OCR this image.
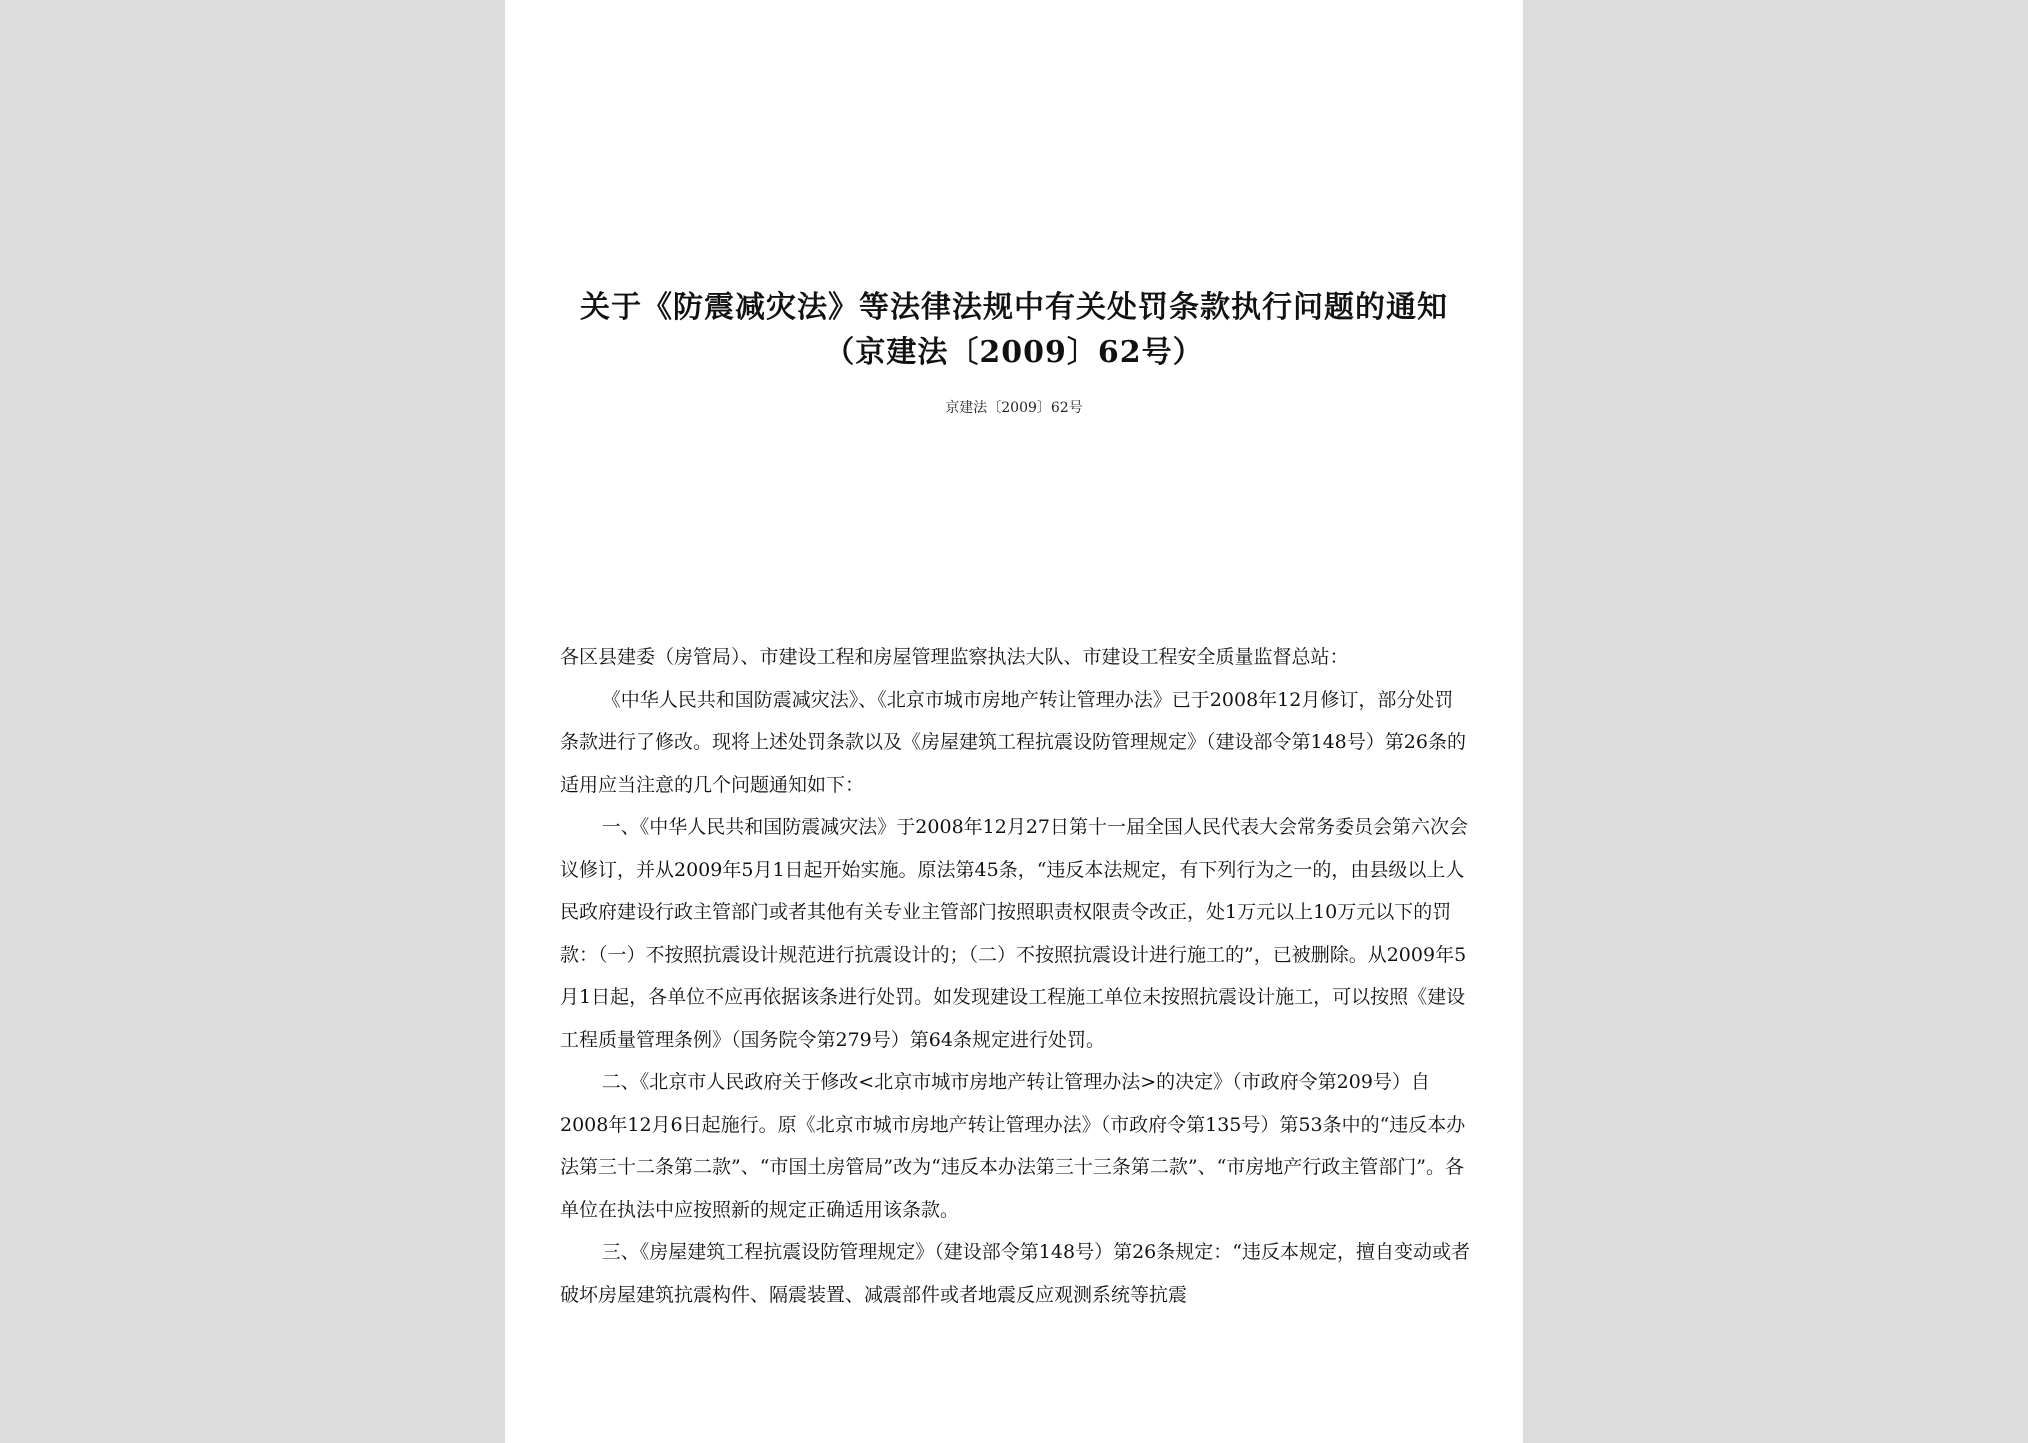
关于《防震减灾法》等法律法规中有关处罚条款执行问题的通知（京建法〔2009〕62号）
京建法〔2009〕62号

各区县建委（房管局）、市建设工程和房屋管理监察执法大队、市建设工程安全质量监督总站：

《中华人民共和国防震减灾法》、《北京市城市房地产转让管理办法》已于2008年12月修订，部分处罚条款进行了修改。现将上述处罚条款以及《房屋建筑工程抗震设防管理规定》（建设部令第148号）第26条的适用应当注意的几个问题通知如下：

一、《中华人民共和国防震减灾法》于2008年12月27日第十一届全国人民代表大会常务委员会第六次会议修订，并从2009年5月1日起开始实施。原法第45条，“违反本法规定，有下列行为之一的，由县级以上人民政府建设行政主管部门或者其他有关专业主管部门按照职责权限责令改正，处1万元以上10万元以下的罚款：（一）不按照抗震设计规范进行抗震设计的；（二）不按照抗震设计进行施工的”，已被删除。从2009年5月1日起，各单位不应再依据该条进行处罚。如发现建设工程施工单位未按照抗震设计施工，可以按照《建设工程质量管理条例》（国务院令第279号）第64条规定进行处罚。

二、《北京市人民政府关于修改<北京市城市房地产转让管理办法>的决定》（市政府令第209号）自2008年12月6日起施行。原《北京市城市房地产转让管理办法》（市政府令第135号）第53条中的“违反本办法第三十二条第二款”、“市国土房管局”改为“违反本办法第三十三条第二款”、“市房地产行政主管部门”。各单位在执法中应按照新的规定正确适用该条款。

三、《房屋建筑工程抗震设防管理规定》（建设部令第148号）第26条规定：“违反本规定，擅自变动或者破坏房屋建筑抗震构件、隔震装置、减震部件或者地震反应观测系统等抗震
